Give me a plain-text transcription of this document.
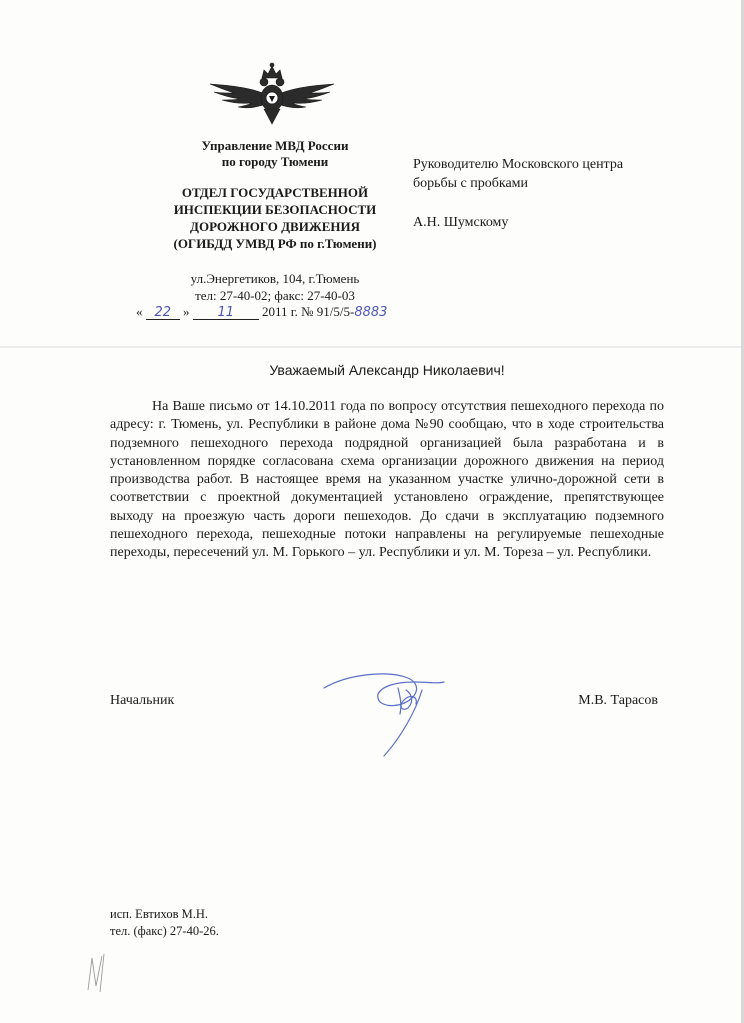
Управление МВД России
по городу Тюмени
ОТДЕЛ ГОСУДАРСТВЕННОЙ
ИНСПЕКЦИИ БЕЗОПАСНОСТИ
ДОРОЖНОГО ДВИЖЕНИЯ
(ОГИБДД УМВД РФ по г.Тюмени)
ул.Энергетиков, 104, г.Тюмень
тел: 27-40-02; факс: 27-40-03
« 22 » 11 2011 г. № 91/5/5-8883
Руководителю Московского центра
борьбы с пробками
А.Н. Шумскому
Уважаемый Александр Николаевич!

На Ваше письмо от 14.10.2011 года по вопросу отсутствия пешеходного перехода по адресу: г. Тюмень, ул. Республики в районе дома №90 сообщаю, что в ходе строительства подземного пешеходного перехода подрядной организацией была разработана и в установленном порядке согласована схема организации дорожного движения на период производства работ. В настоящее время на указанном участке улично-дорожной сети в соответствии с проектной документацией установлено ограждение, препятствующее выходу на проезжую часть дороги пешеходов. До сдачи в эксплуатацию подземного пешеходного перехода, пешеходные потоки направлены на регулируемые пешеходные переходы, пересечений ул. М. Горького – ул. Республики и ул. М. Тореза – ул. Республики.

Начальник	М.В. Тарасов
исп. Евтихов М.Н.
тел. (факс) 27-40-26.
